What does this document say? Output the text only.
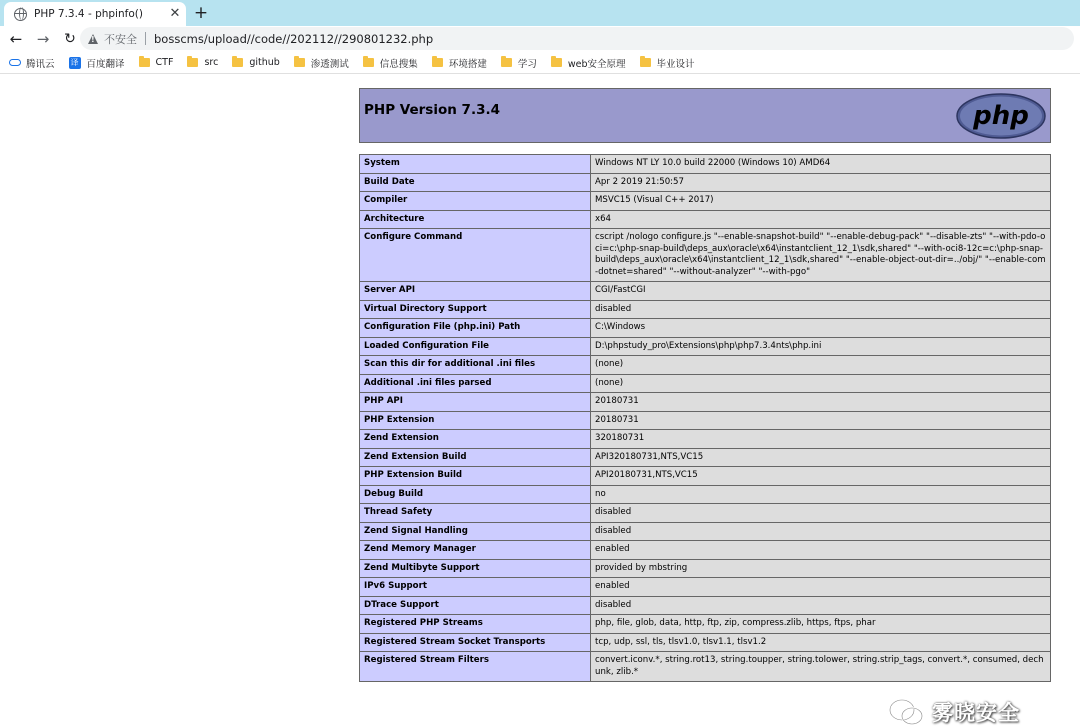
PHP 7.3.4 - phpinfo()	✕ +
← →	↻ !	不安全 bosscms/upload//code//202112//290801232.php
腾讯云 译 百度翻译	CTF	src	github	渗透测试	信息搜集	环境搭建	学习	web安全原理	毕业设计
PHP Version 7.3.4	php
System	Windows NT LY 10.0 build 22000 (Windows 10) AMD64
Build Date	Apr 2 2019 21:50:57
Compiler	MSVC15 (Visual C++ 2017)
Architecture	x64
Configure Command	cscript /nologo configure.js "--enable-snapshot-build" "--enable-debug-pack" "--disable-zts" "--with-pdo-oci=c:\php-snap-build\deps_aux\oracle\x64\instantclient_12_1\sdk,shared" "--with-oci8-12c=c:\php-snap-build\deps_aux\oracle\x64\instantclient_12_1\sdk,shared" "--enable-object-out-dir=../obj/" "--enable-com-dotnet=shared" "--without-analyzer" "--with-pgo"
Server API	CGI/FastCGI
Virtual Directory Support	disabled
Configuration File (php.ini) Path	C:\Windows
Loaded Configuration File	D:\phpstudy_pro\Extensions\php\php7.3.4nts\php.ini
Scan this dir for additional .ini files	(none)
Additional .ini files parsed	(none)
PHP API	20180731
PHP Extension	20180731
Zend Extension	320180731
Zend Extension Build	API320180731,NTS,VC15
PHP Extension Build	API20180731,NTS,VC15
Debug Build	no
Thread Safety	disabled
Zend Signal Handling	disabled
Zend Memory Manager	enabled
Zend Multibyte Support	provided by mbstring
IPv6 Support	enabled
DTrace Support	disabled
Registered PHP Streams	php, file, glob, data, http, ftp, zip, compress.zlib, https, ftps, phar
Registered Stream Socket Transports	tcp, udp, ssl, tls, tlsv1.0, tlsv1.1, tlsv1.2
Registered Stream Filters	convert.iconv.*, string.rot13, string.toupper, string.tolower, string.strip_tags, convert.*, consumed, dechunk, zlib.*
雾晓安全
